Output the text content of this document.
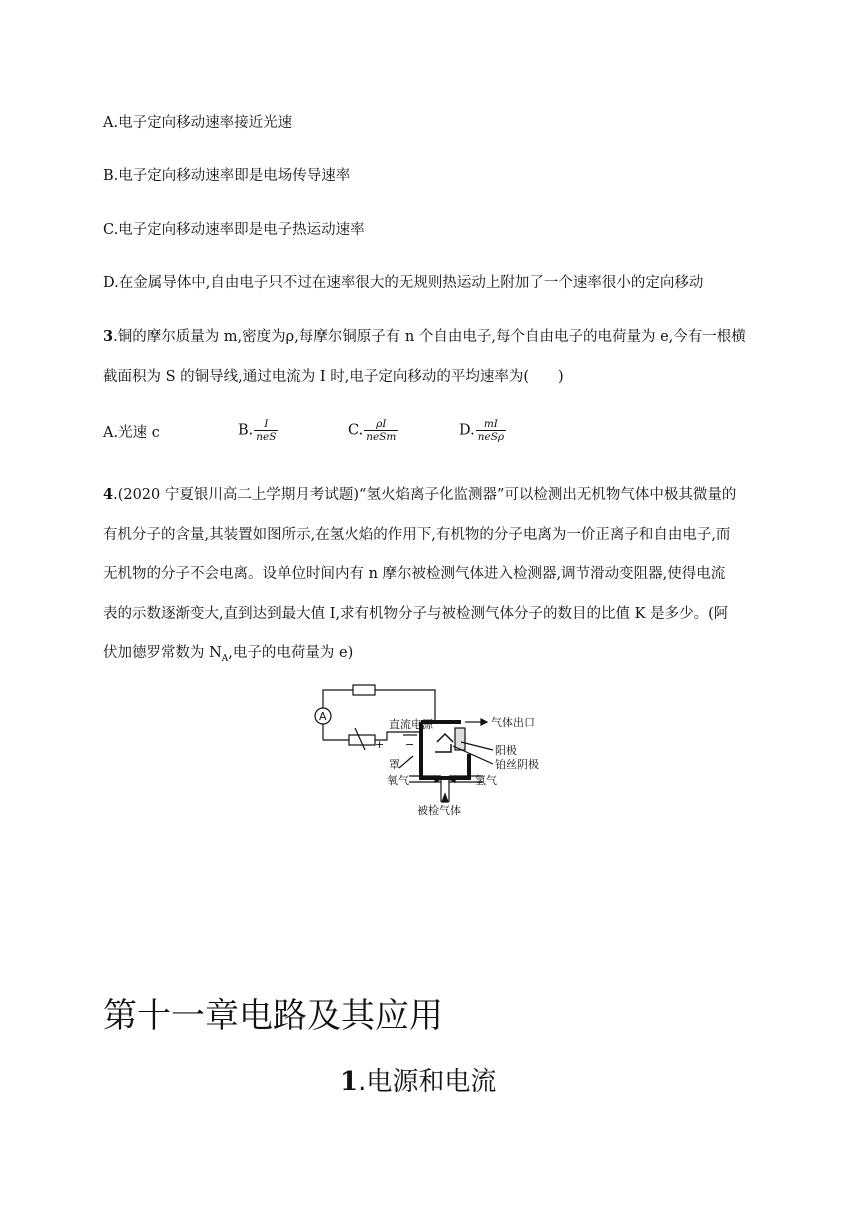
A.电子定向移动速率接近光速
B.电子定向移动速率即是电场传导速率
C.电子定向移动速率即是电子热运动速率
D.在金属导体中,自由电子只不过在速率很大的无规则热运动上附加了一个速率很小的定向移动
3.铜的摩尔质量为 m,密度为ρ,每摩尔铜原子有 n 个自由电子,每个自由电子的电荷量为 e,今有一根横
截面积为 S 的铜导线,通过电流为 I 时,电子定向移动的平均速率为(　　)
A.光速 c	B. $\frac{I}{\text{neS}}$	C. $\frac{\rho I}{\text{neSm}}$	D. $\frac{mI}{\text{neSρ}}$
4.(2020 宁夏银川高二上学期月考试题)“氢火焰离子化监测器”可以检测出无机物气体中极其微量的
有机分子的含量,其装置如图所示,在氢火焰的作用下,有机物的分子电离为一价正离子和自由电子,而
无机物的分子不会电离。设单位时间内有 n 摩尔被检测气体进入检测器,调节滑动变阻器,使得电流
表的示数逐渐变大,直到达到最大值 I,求有机物分子与被检测气体分子的数目的比值 K 是多少。(阿
伏加德罗常数为 $N_A$,电子的电荷量为 e)
A
直流电源
+ −
罩
气体出口
阳极
铂丝阴极
氧气	氢气
被检气体
第十一章电路及其应用
1.电源和电流
